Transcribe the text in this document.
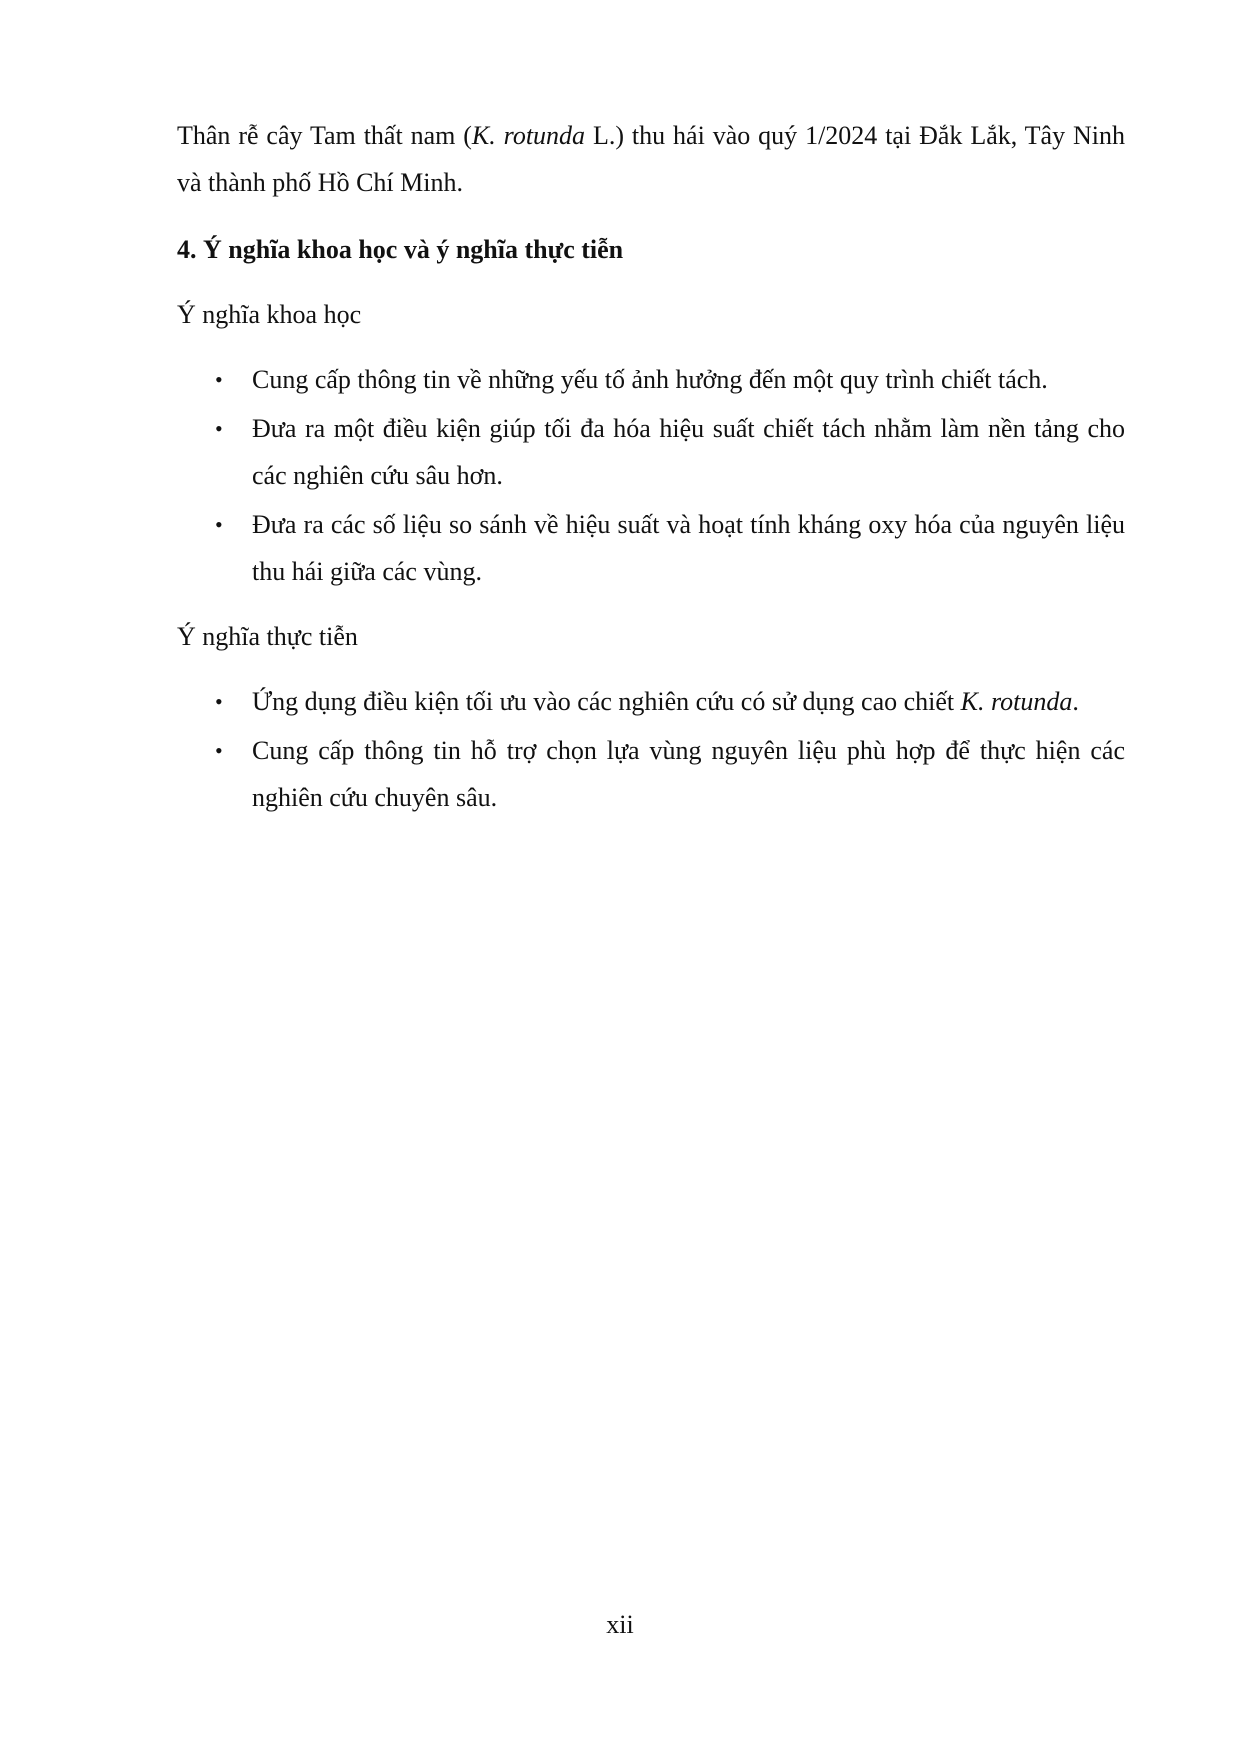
Thân rễ cây Tam thất nam (K. rotunda L.) thu hái vào quý 1/2024 tại Đắk Lắk, Tây Ninh và thành phố Hồ Chí Minh.

4. Ý nghĩa khoa học và ý nghĩa thực tiễn

Ý nghĩa khoa học

• Cung cấp thông tin về những yếu tố ảnh hưởng đến một quy trình chiết tách.
• Đưa ra một điều kiện giúp tối đa hóa hiệu suất chiết tách nhằm làm nền tảng cho các nghiên cứu sâu hơn.
• Đưa ra các số liệu so sánh về hiệu suất và hoạt tính kháng oxy hóa của nguyên liệu thu hái giữa các vùng.

Ý nghĩa thực tiễn

• Ứng dụng điều kiện tối ưu vào các nghiên cứu có sử dụng cao chiết K. rotunda.
• Cung cấp thông tin hỗ trợ chọn lựa vùng nguyên liệu phù hợp để thực hiện các nghiên cứu chuyên sâu.
xii
